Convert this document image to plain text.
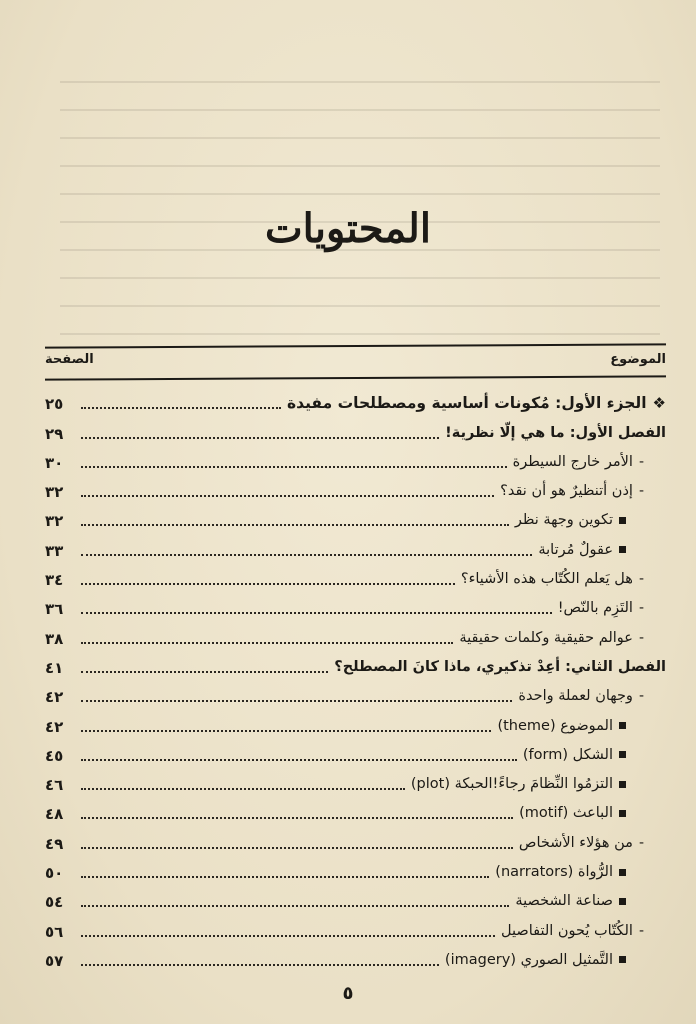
المحتويات
الموضوع
الصفحة
❖
الجزء الأول: مُكونات أساسية ومصطلحات مفيدة
٢٥
الفصل الأول: ما هي إلّا نظرية!
٢٩
-
الأمر خارج السيطرة
٣٠
-
إذن أتنظيرٌ هو أن نقد؟
٣٢
تكوين وجهة نظر
٣٢
عقولٌ مُرتابة
٣٣
-
هل يَعلم الكُتّاب هذه الأشياء؟
٣٤
-
التَزِم بالنّص!
٣٦
-
عوالم حقيقية وكلمات حقيقية
٣٨
الفصل الثاني: أعِدْ تذكيري، ماذا كانَ المصطلح؟
٤١
-
وجهان لعملة واحدة
٤٢
الموضوع (theme)
٤٢
الشكل (form)
٤٥
التزمُوا النِّظامَ رجاءً!الحبكة (plot)
٤٦
الباعث (motif)
٤٨
-
من هؤلاء الأشخاص
٤٩
الرُّواة (narrators)
٥٠
صناعة الشخصية
٥٤
-
الكُتّاب يُحون التفاصيل
٥٦
التَّمثيل الصوري (imagery)
٥٧
٥
